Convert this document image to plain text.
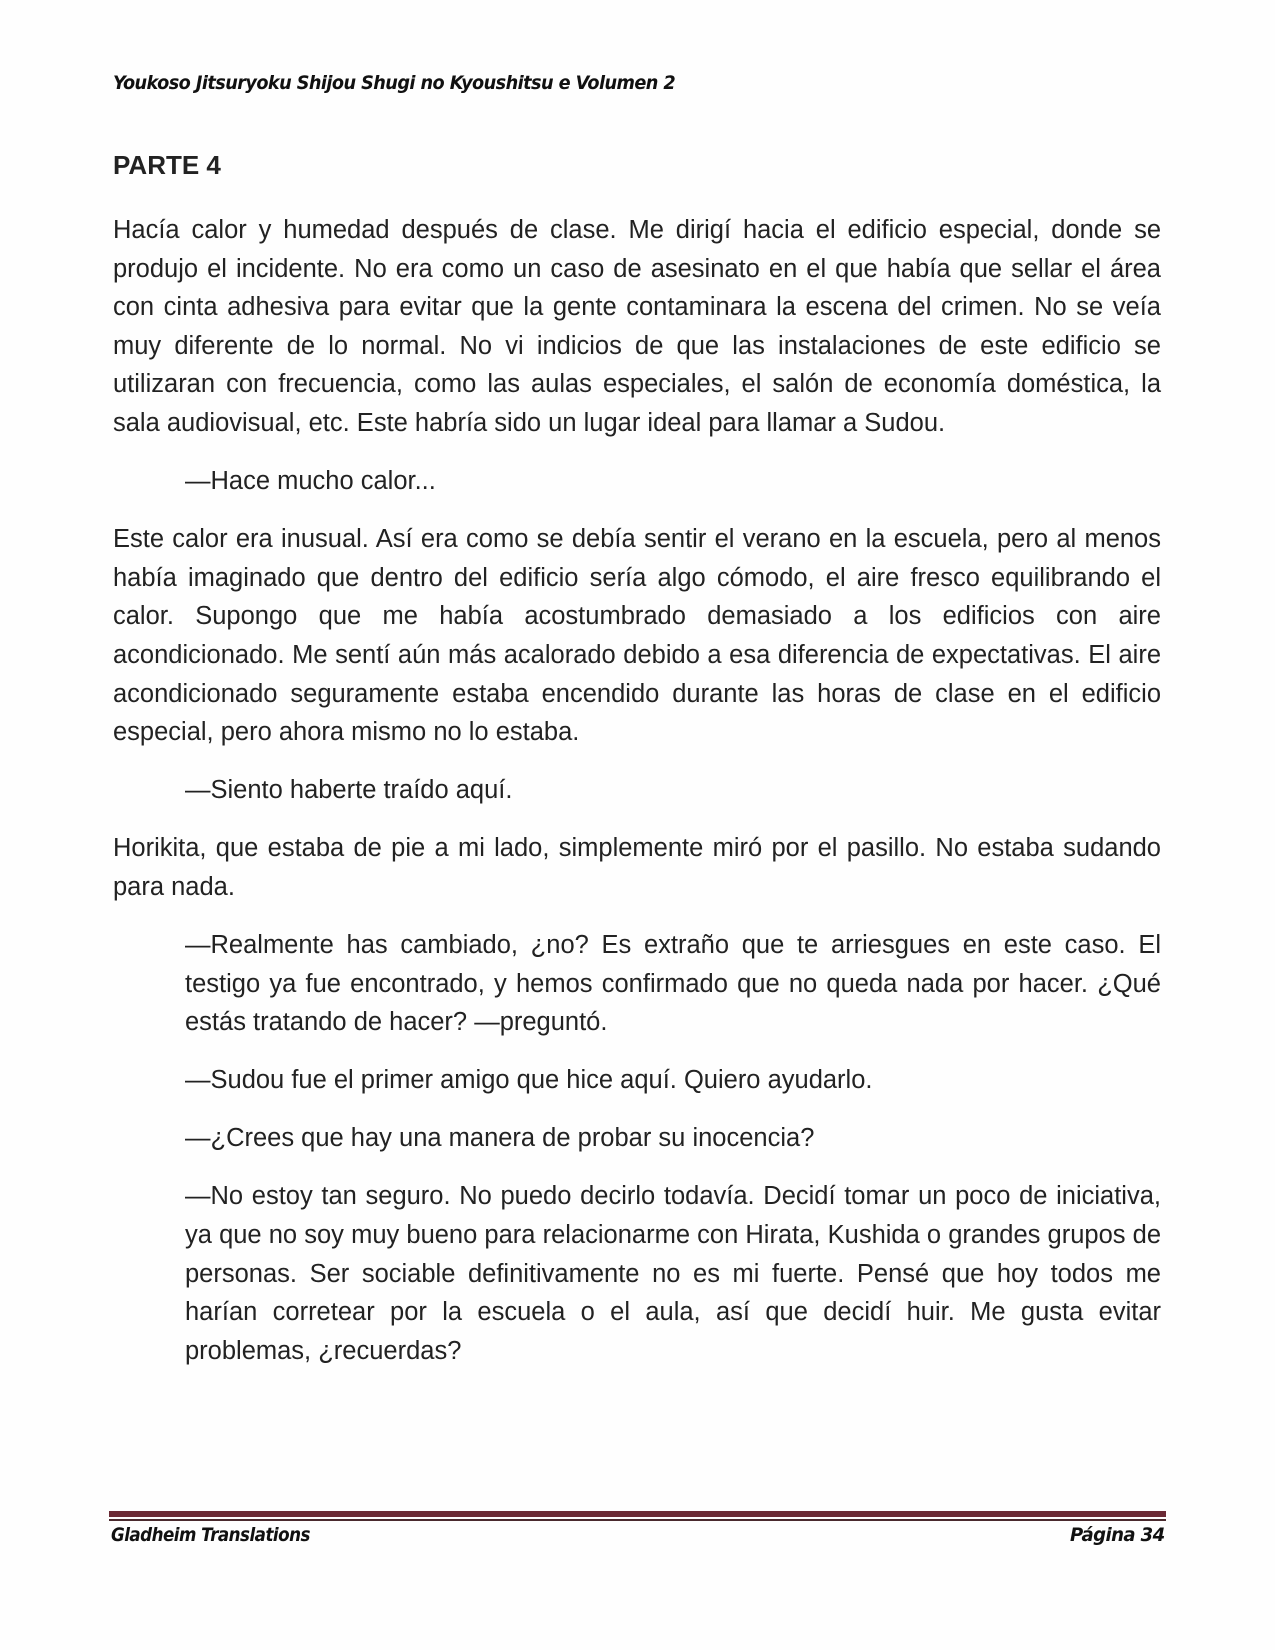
Youkoso Jitsuryoku Shijou Shugi no Kyoushitsu e Volumen 2
PARTE 4

Hacía calor y humedad después de clase. Me dirigí hacia el edificio especial, donde se produjo el incidente. No era como un caso de asesinato en el que había que sellar el área con cinta adhesiva para evitar que la gente contaminara la escena del crimen. No se veía muy diferente de lo normal. No vi indicios de que las instalaciones de este edificio se utilizaran con frecuencia, como las aulas especiales, el salón de economía doméstica, la sala audiovisual, etc. Este habría sido un lugar ideal para llamar a Sudou.

—Hace mucho calor...

Este calor era inusual. Así era como se debía sentir el verano en la escuela, pero al menos había imaginado que dentro del edificio sería algo cómodo, el aire fresco equilibrando el calor. Supongo que me había acostumbrado demasiado a los edificios con aire acondicionado. Me sentí aún más acalorado debido a esa diferencia de expectativas. El aire acondicionado seguramente estaba encendido durante las horas de clase en el edificio especial, pero ahora mismo no lo estaba.

—Siento haberte traído aquí.

Horikita, que estaba de pie a mi lado, simplemente miró por el pasillo. No estaba sudando para nada.

—Realmente has cambiado, ¿no? Es extraño que te arriesgues en este caso. El testigo ya fue encontrado, y hemos confirmado que no queda nada por hacer. ¿Qué estás tratando de hacer? —preguntó.

—Sudou fue el primer amigo que hice aquí. Quiero ayudarlo.

—¿Crees que hay una manera de probar su inocencia?

—No estoy tan seguro. No puedo decirlo todavía. Decidí tomar un poco de iniciativa, ya que no soy muy bueno para relacionarme con Hirata, Kushida o grandes grupos de personas. Ser sociable definitivamente no es mi fuerte. Pensé que hoy todos me harían corretear por la escuela o el aula, así que decidí huir. Me gusta evitar problemas, ¿recuerdas?

Gladheim Translations	Página 34
